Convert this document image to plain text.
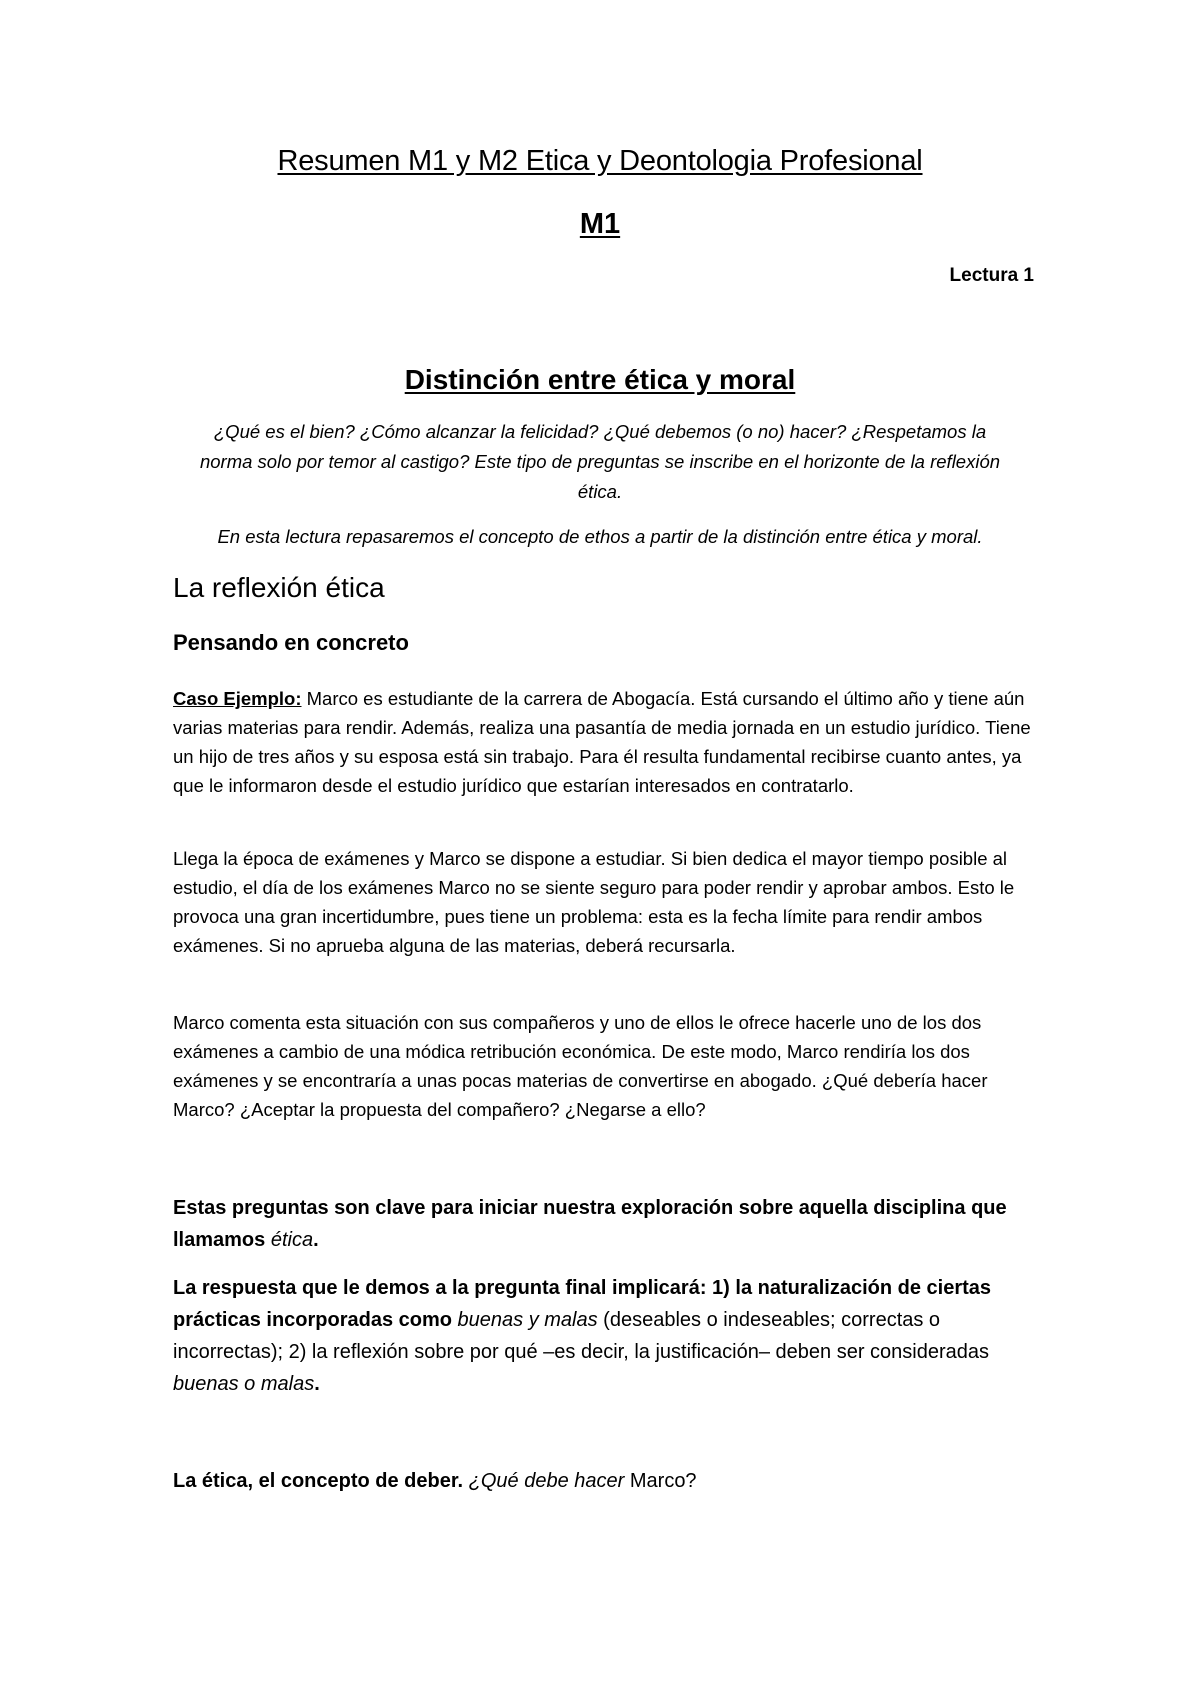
Resumen M1 y M2 Etica y Deontologia Profesional
M1
Lectura 1
Distinción entre ética y moral

¿Qué es el bien? ¿Cómo alcanzar la felicidad? ¿Qué debemos (o no) hacer? ¿Respetamos la norma solo por temor al castigo? Este tipo de preguntas se inscribe en el horizonte de la reflexión ética.

En esta lectura repasaremos el concepto de ethos a partir de la distinción entre ética y moral.

La reflexión ética
Pensando en concreto

Caso Ejemplo: Marco es estudiante de la carrera de Abogacía. Está cursando el último año y tiene aún varias materias para rendir. Además, realiza una pasantía de media jornada en un estudio jurídico. Tiene un hijo de tres años y su esposa está sin trabajo. Para él resulta fundamental recibirse cuanto antes, ya que le informaron desde el estudio jurídico que estarían interesados en contratarlo.

Llega la época de exámenes y Marco se dispone a estudiar. Si bien dedica el mayor tiempo posible al estudio, el día de los exámenes Marco no se siente seguro para poder rendir y aprobar ambos. Esto le provoca una gran incertidumbre, pues tiene un problema: esta es la fecha límite para rendir ambos exámenes. Si no aprueba alguna de las materias, deberá recursarla.

Marco comenta esta situación con sus compañeros y uno de ellos le ofrece hacerle uno de los dos exámenes a cambio de una módica retribución económica. De este modo, Marco rendiría los dos exámenes y se encontraría a unas pocas materias de convertirse en abogado. ¿Qué debería hacer Marco? ¿Aceptar la propuesta del compañero? ¿Negarse a ello?

Estas preguntas son clave para iniciar nuestra exploración sobre aquella disciplina que llamamos ética.

La respuesta que le demos a la pregunta final implicará: 1) la naturalización de ciertas prácticas incorporadas como buenas y malas (deseables o indeseables; correctas o incorrectas); 2) la reflexión sobre por qué –es decir, la justificación– deben ser consideradas buenas o malas.

La ética, el concepto de deber. ¿Qué debe hacer Marco?
